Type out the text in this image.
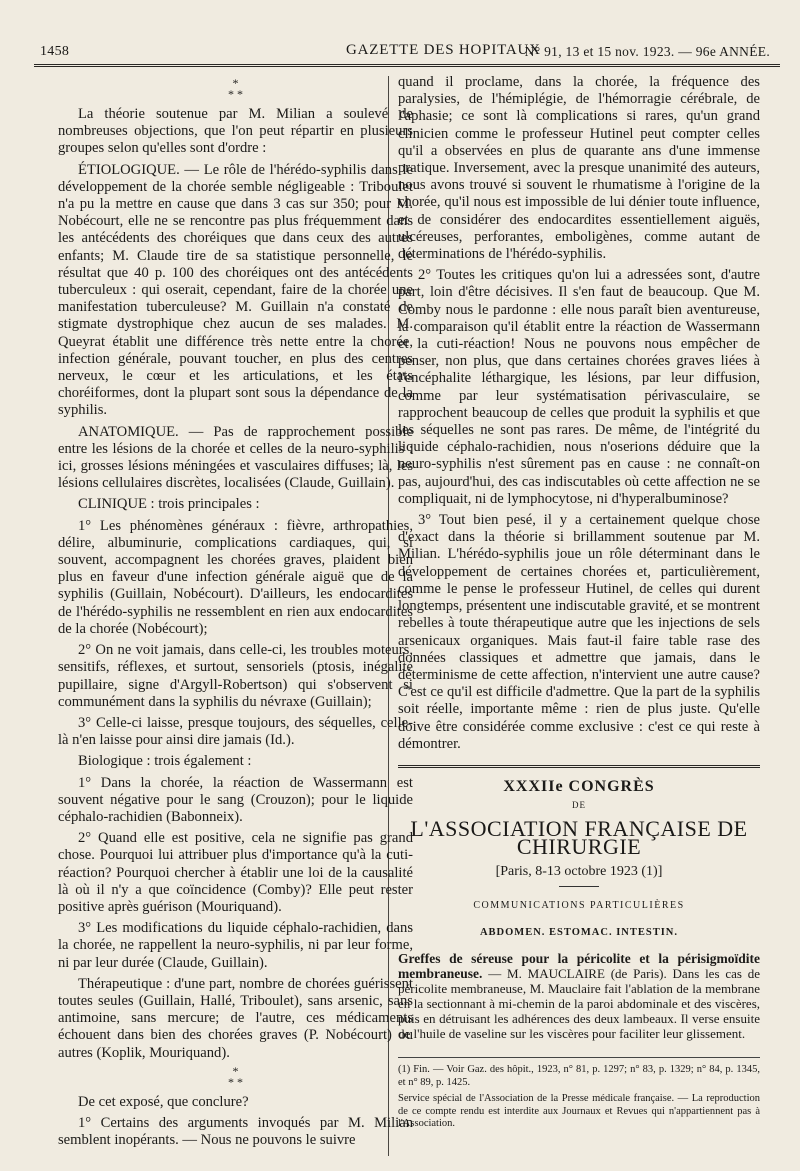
1458	GAZETTE DES HOPITAUX
N° 91, 13 et 15 nov. 1923. — 96e ANNÉE.
*
* *

La théorie soutenue par M. Milian a soulevé de nombreuses objections, que l'on peut répartir en plusieurs groupes selon qu'elles sont d'ordre :

ÉTIOLOGIQUE. — Le rôle de l'hérédo-syphilis dans le développement de la chorée semble négligeable : Triboulet n'a pu la mettre en cause que dans 3 cas sur 350; pour M. Nobécourt, elle ne se rencontre pas plus fréquemment dans les antécédents des choréiques que dans ceux des autres enfants; M. Claude tire de sa statistique personnelle, le résultat que 40 p. 100 des choréiques ont des antécédents tuberculeux : qui oserait, cependant, faire de la chorée une manifestation tuberculeuse? M. Guillain n'a constaté de stigmate dystrophique chez aucun de ses malades. M. Queyrat établit une différence très nette entre la chorée, infection générale, pouvant toucher, en plus des centres nerveux, le cœur et les articulations, et les états choréiformes, dont la plupart sont sous la dépendance de la syphilis.

ANATOMIQUE. — Pas de rapprochement possible entre les lésions de la chorée et celles de la neuro-syphilis : ici, grosses lésions méningées et vasculaires diffuses; là, les lésions cellulaires discrètes, localisées (Claude, Guillain).

CLINIQUE : trois principales :

1° Les phénomènes généraux : fièvre, arthropathies, délire, albuminurie, complications cardiaques, qui, si souvent, accompagnent les chorées graves, plaident bien plus en faveur d'une infection générale aiguë que de la syphilis (Guillain, Nobécourt). D'ailleurs, les endocardites de l'hérédo-syphilis ne ressemblent en rien aux endocardites de la chorée (Nobécourt);

2° On ne voit jamais, dans celle-ci, les troubles moteurs, sensitifs, réflexes, et surtout, sensoriels (ptosis, inégalité pupillaire, signe d'Argyll-Robertson) qui s'observent si communément dans la syphilis du névraxe (Guillain);

3° Celle-ci laisse, presque toujours, des séquelles, celle-là n'en laisse pour ainsi dire jamais (Id.).

Biologique : trois également :

1° Dans la chorée, la réaction de Wassermann est souvent négative pour le sang (Crouzon); pour le liquide céphalo-rachidien (Babonneix).

2° Quand elle est positive, cela ne signifie pas grand chose. Pourquoi lui attribuer plus d'importance qu'à la cuti-réaction? Pourquoi chercher à établir une loi de la causalité là où il n'y a que coïncidence (Comby)? Elle peut rester positive après guérison (Mouriquand).

3° Les modifications du liquide céphalo-rachidien, dans la chorée, ne rappellent la neuro-syphilis, ni par leur forme, ni par leur durée (Claude, Guillain).

Thérapeutique : d'une part, nombre de chorées guérissent toutes seules (Guillain, Hallé, Triboulet), sans arsenic, sans antimoine, sans mercure; de l'autre, ces médicaments échouent dans bien des chorées graves (P. Nobécourt) ou autres (Koplik, Mouriquand).

*
* *

De cet exposé, que conclure?

1° Certains des arguments invoqués par M. Milian semblent inopérants. — Nous ne pouvons le suivre

quand il proclame, dans la chorée, la fréquence des paralysies, de l'hémiplégie, de l'hémorragie cérébrale, de l'aphasie; ce sont là complications si rares, qu'un grand clinicien comme le professeur Hutinel peut compter celles qu'il a observées en plus de quarante ans d'une immense pratique. Inversement, avec la presque unanimité des auteurs, nous avons trouvé si souvent le rhumatisme à l'origine de la chorée, qu'il nous est impossible de lui dénier toute influence, et de considérer des endocardites essentiellement aiguës, ulcéreuses, perforantes, emboligènes, comme autant de déterminations de l'hérédo-syphilis.

2° Toutes les critiques qu'on lui a adressées sont, d'autre part, loin d'être décisives. Il s'en faut de beaucoup. Que M. Comby nous le pardonne : elle nous paraît bien aventureuse, la comparaison qu'il établit entre la réaction de Wassermann et la cuti-réaction! Nous ne pouvons nous empêcher de penser, non plus, que dans certaines chorées graves liées à l'encéphalite léthargique, les lésions, par leur diffusion, comme par leur systématisation périvasculaire, se rapprochent beaucoup de celles que produit la syphilis et que les séquelles ne sont pas rares. De même, de l'intégrité du liquide céphalo-rachidien, nous n'oserions déduire que la neuro-syphilis n'est sûrement pas en cause : ne connaît-on pas, aujourd'hui, des cas indiscutables où cette affection ne se compliquait, ni de lymphocytose, ni d'hyperalbuminose?

3° Tout bien pesé, il y a certainement quelque chose d'exact dans la théorie si brillamment soutenue par M. Milian. L'hérédo-syphilis joue un rôle déterminant dans le développement de certaines chorées et, particulièrement, comme le pense le professeur Hutinel, de celles qui durent longtemps, présentent une indiscutable gravité, et se montrent rebelles à toute thérapeutique autre que les injections de sels arsenicaux organiques. Mais faut-il faire table rase des données classiques et admettre que jamais, dans le déterminisme de cette affection, n'intervient une autre cause? C'est ce qu'il est difficile d'admettre. Que la part de la syphilis soit réelle, importante même : rien de plus juste. Qu'elle doive être considérée comme exclusive : c'est ce qui reste à démontrer.

XXXIIe CONGRÈS

DE

L'ASSOCIATION FRANÇAISE DE CHIRURGIE

[Paris, 8-13 octobre 1923 (1)]

COMMUNICATIONS PARTICULIÈRES

ABDOMEN. ESTOMAC. INTESTIN.

Greffes de séreuse pour la péricolite et la périsigmoïdite membraneuse. — M. MAUCLAIRE (de Paris). Dans les cas de péricolite membraneuse, M. Mauclaire fait l'ablation de la membrane en la sectionnant à mi-chemin de la paroi abdominale et des viscères, puis en détruisant les adhérences des deux lambeaux. Il verse ensuite de l'huile de vaseline sur les viscères pour faciliter leur glissement.

(1) Fin. — Voir Gaz. des hôpit., 1923, n° 81, p. 1297; n° 83, p. 1329; n° 84, p. 1345, et n° 89, p. 1425.

Service spécial de l'Association de la Presse médicale française. — La reproduction de ce compte rendu est interdite aux Journaux et Revues qui n'appartiennent pas à l'Association.
